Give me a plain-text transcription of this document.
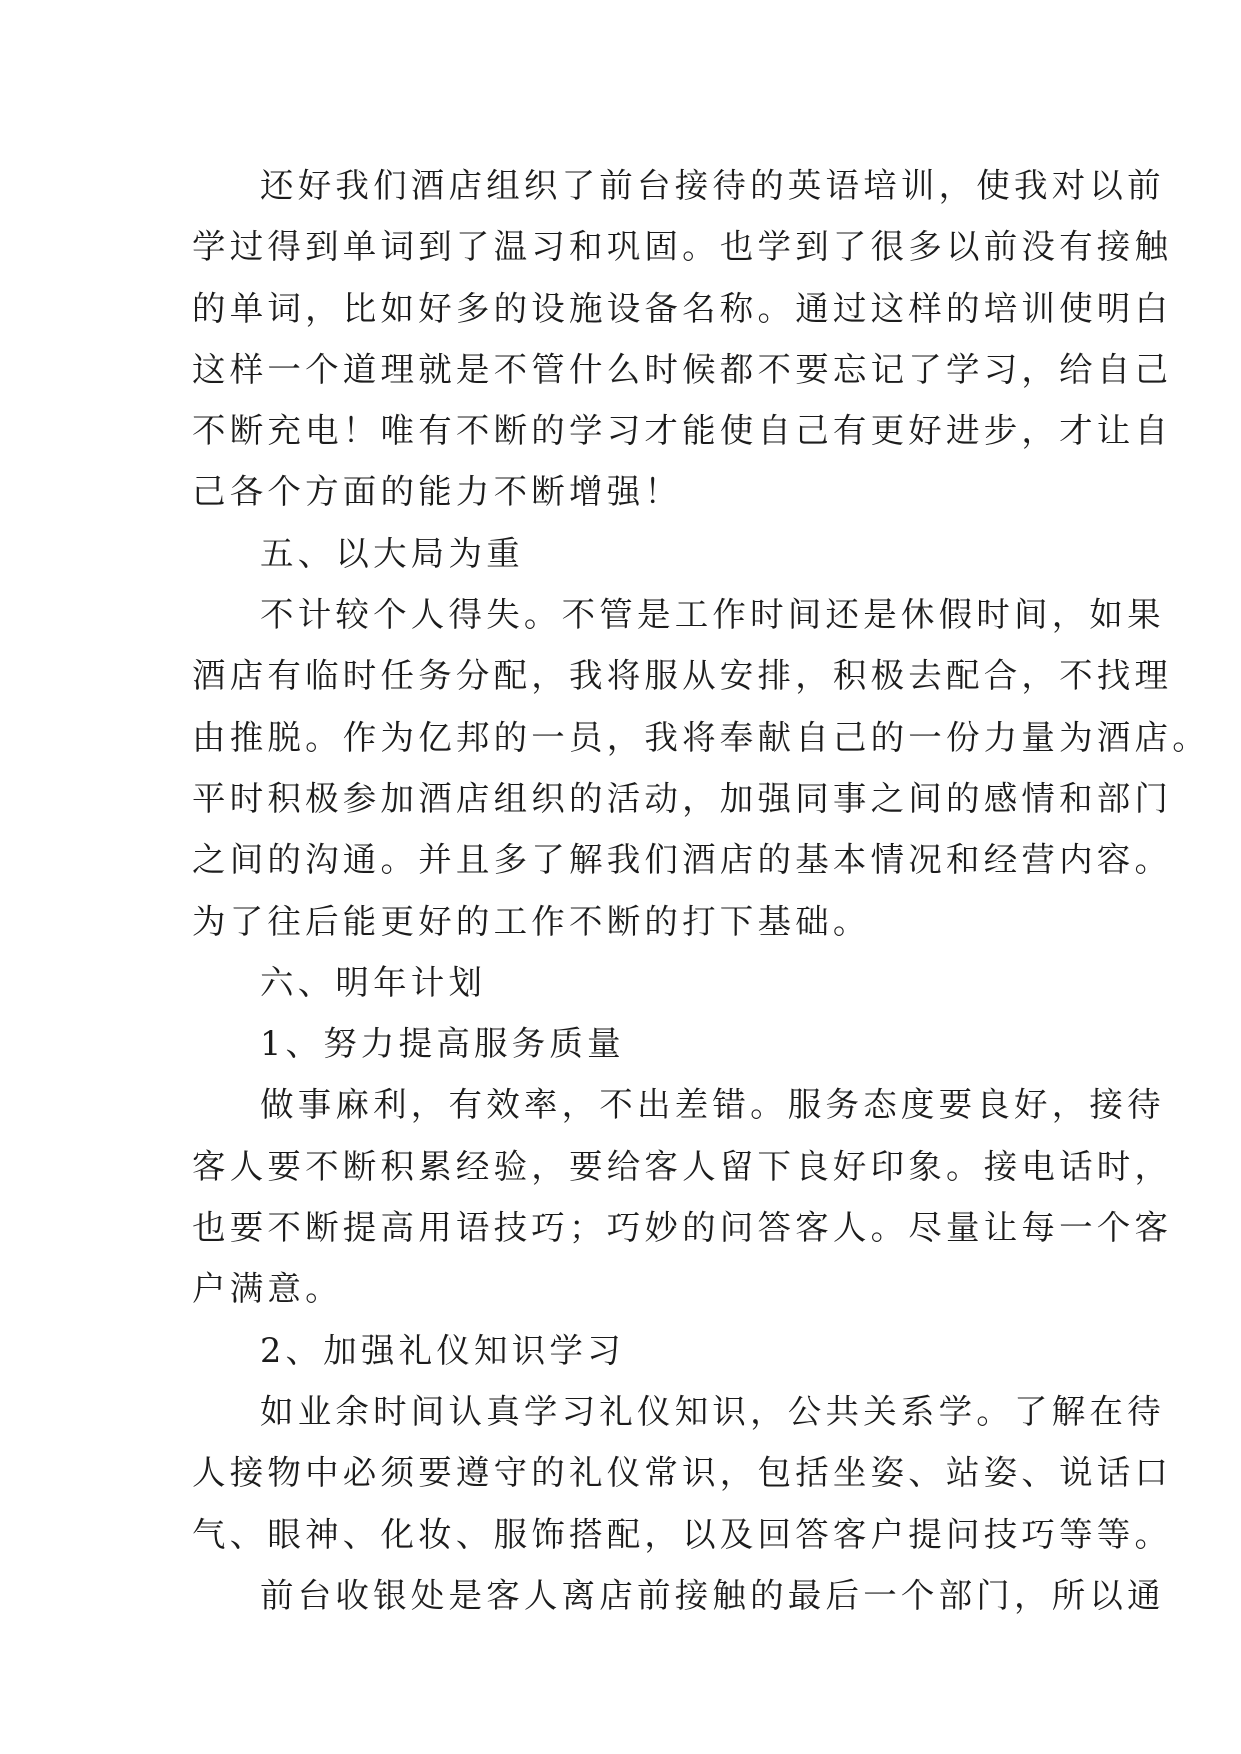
还好我们酒店组织了前台接待的英语培训，使我对以前
学过得到单词到了温习和巩固。也学到了很多以前没有接触
的单词，比如好多的设施设备名称。通过这样的培训使明白
这样一个道理就是不管什么时候都不要忘记了学习，给自己
不断充电！唯有不断的学习才能使自己有更好进步，才让自
己各个方面的能力不断增强！
五、以大局为重
不计较个人得失。不管是工作时间还是休假时间，如果
酒店有临时任务分配，我将服从安排，积极去配合，不找理
由推脱。作为亿邦的一员，我将奉献自己的一份力量为酒店。
平时积极参加酒店组织的活动，加强同事之间的感情和部门
之间的沟通。并且多了解我们酒店的基本情况和经营内容。
为了往后能更好的工作不断的打下基础。
六、明年计划
1、努力提高服务质量
做事麻利，有效率，不出差错。服务态度要良好，接待
客人要不断积累经验，要给客人留下良好印象。接电话时，
也要不断提高用语技巧；巧妙的问答客人。尽量让每一个客
户满意。
2、加强礼仪知识学习
如业余时间认真学习礼仪知识，公共关系学。了解在待
人接物中必须要遵守的礼仪常识，包括坐姿、站姿、说话口
气、眼神、化妆、服饰搭配，以及回答客户提问技巧等等。
前台收银处是客人离店前接触的最后一个部门，所以通
